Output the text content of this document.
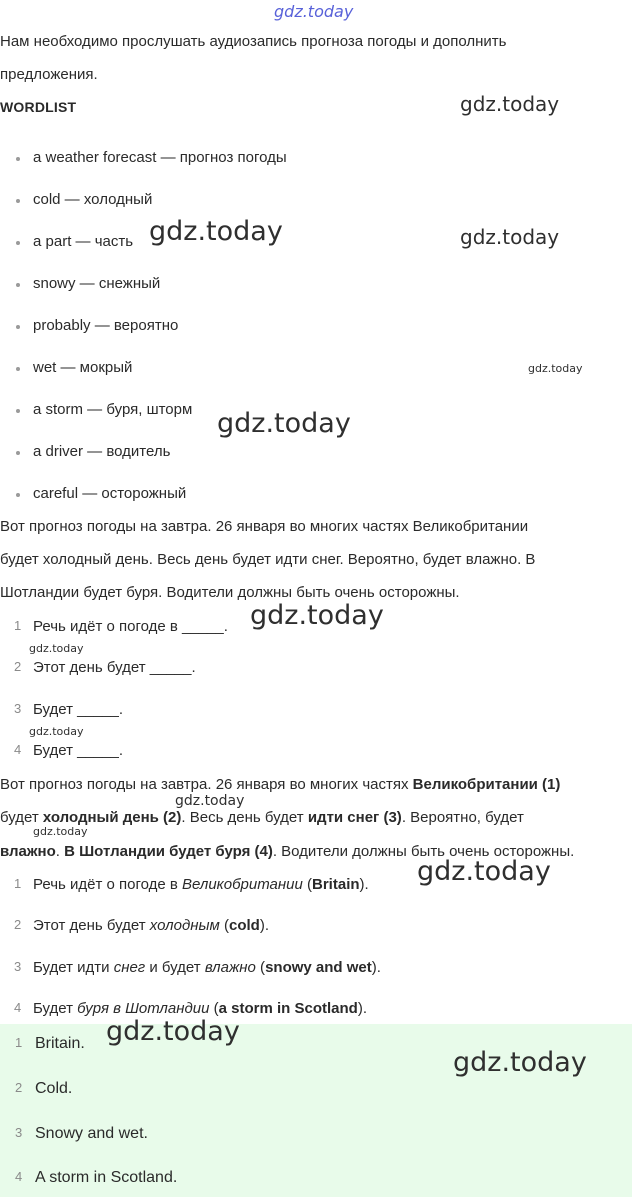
gdz.today
Нам необходимо прослушать аудиозапись прогноза погоды и дополнить
предложения.
WORDLIST
a weather forecast — прогноз погоды
cold — холодный
a part — часть
snowy — снежный
probably — вероятно
wet — мокрый
a storm — буря, шторм
a driver — водитель
careful — осторожный
Вот прогноз погоды на завтра. 26 января во многих частях Великобритании
будет холодный день. Весь день будет идти снег. Вероятно, будет влажно. В
Шотландии будет буря. Водители должны быть очень осторожны.
1 Речь идёт о погоде в _____.
2 Этот день будет _____.
3 Будет _____.
4 Будет _____.
Вот прогноз погоды на завтра. 26 января во многих частях Великобритании (1)
будет холодный день (2). Весь день будет идти снег (3). Вероятно, будет
влажно. В Шотландии будет буря (4). Водители должны быть очень осторожны.
1 Речь идёт о погоде в Великобритании (Britain).
2 Этот день будет холодным (cold).
3 Будет идти снег и будет влажно (snowy and wet).
4 Будет буря в Шотландии (a storm in Scotland).
1 Britain.
2 Cold.
3 Snowy and wet.
4 A storm in Scotland.
gdz.today
gdz.today	gdz.today
gdz.today
gdz.today
gdz.today
gdz.today
gdz.today
gdz.today
gdz.today
gdz.today
gdz.today
gdz.today
